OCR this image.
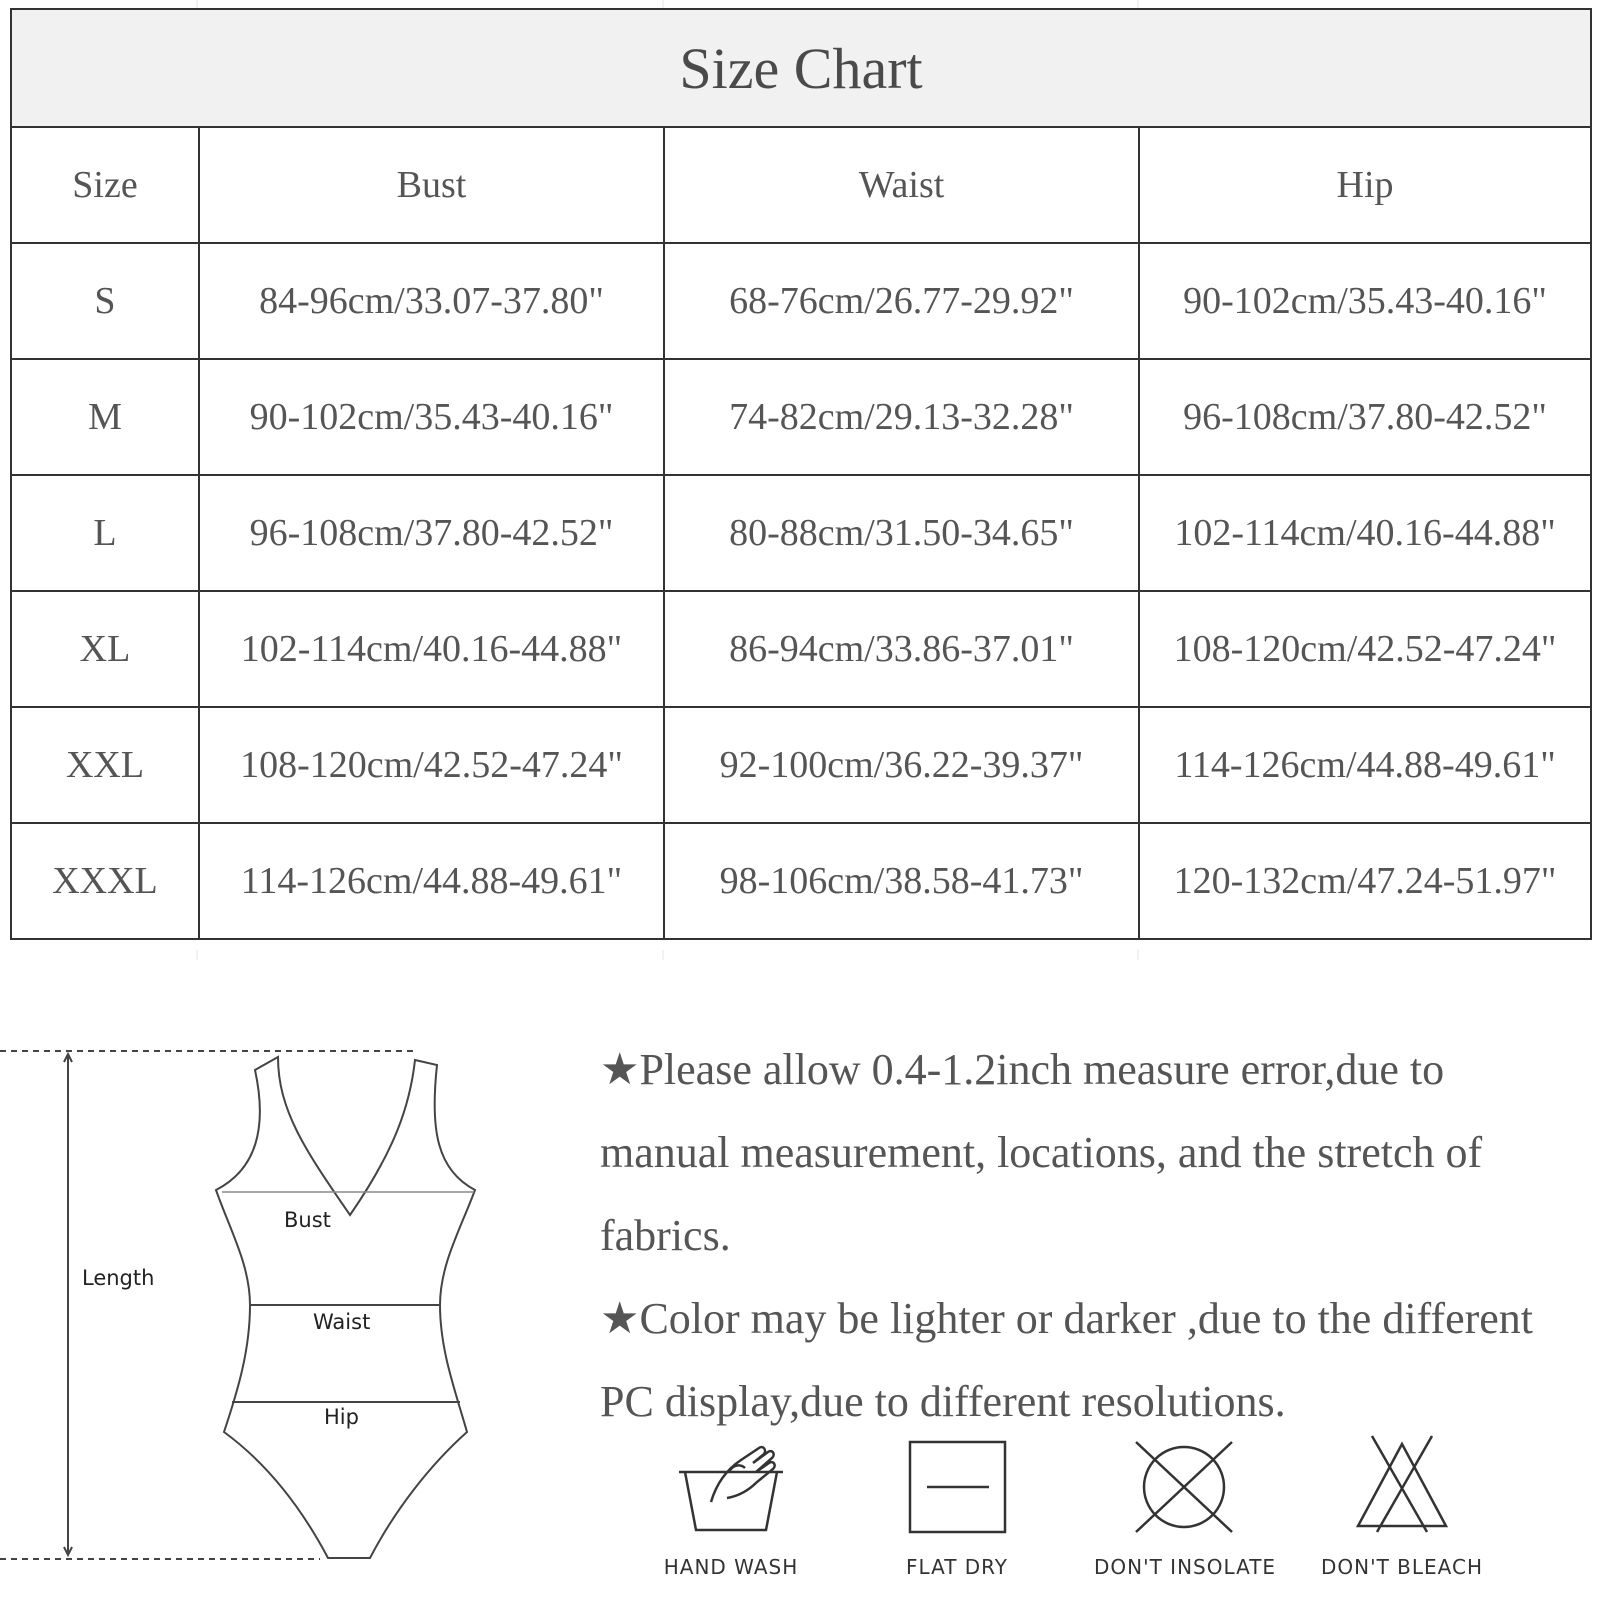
Size Chart			
Size	Bust	Waist	Hip
S	84-96cm/33.07-37.80"	68-76cm/26.77-29.92"	90-102cm/35.43-40.16"
M	90-102cm/35.43-40.16"	74-82cm/29.13-32.28"	96-108cm/37.80-42.52"
L	96-108cm/37.80-42.52"	80-88cm/31.50-34.65"	102-114cm/40.16-44.88"
XL	102-114cm/40.16-44.88"	86-94cm/33.86-37.01"	108-120cm/42.52-47.24"
XXL	108-120cm/42.52-47.24"	92-100cm/36.22-39.37"	114-126cm/44.88-49.61"
XXXL	114-126cm/44.88-49.61"	98-106cm/38.58-41.73"	120-132cm/47.24-51.97"
Length
Bust
Waist
Hip

★Please allow 0.4-1.2inch measure error,due to manual measurement, locations, and the stretch of fabrics.

★Color may be lighter or darker ,due to the different PC display,due to different resolutions.

HAND WASH	FLAT DRY	DON'T INSOLATE	DON'T BLEACH
